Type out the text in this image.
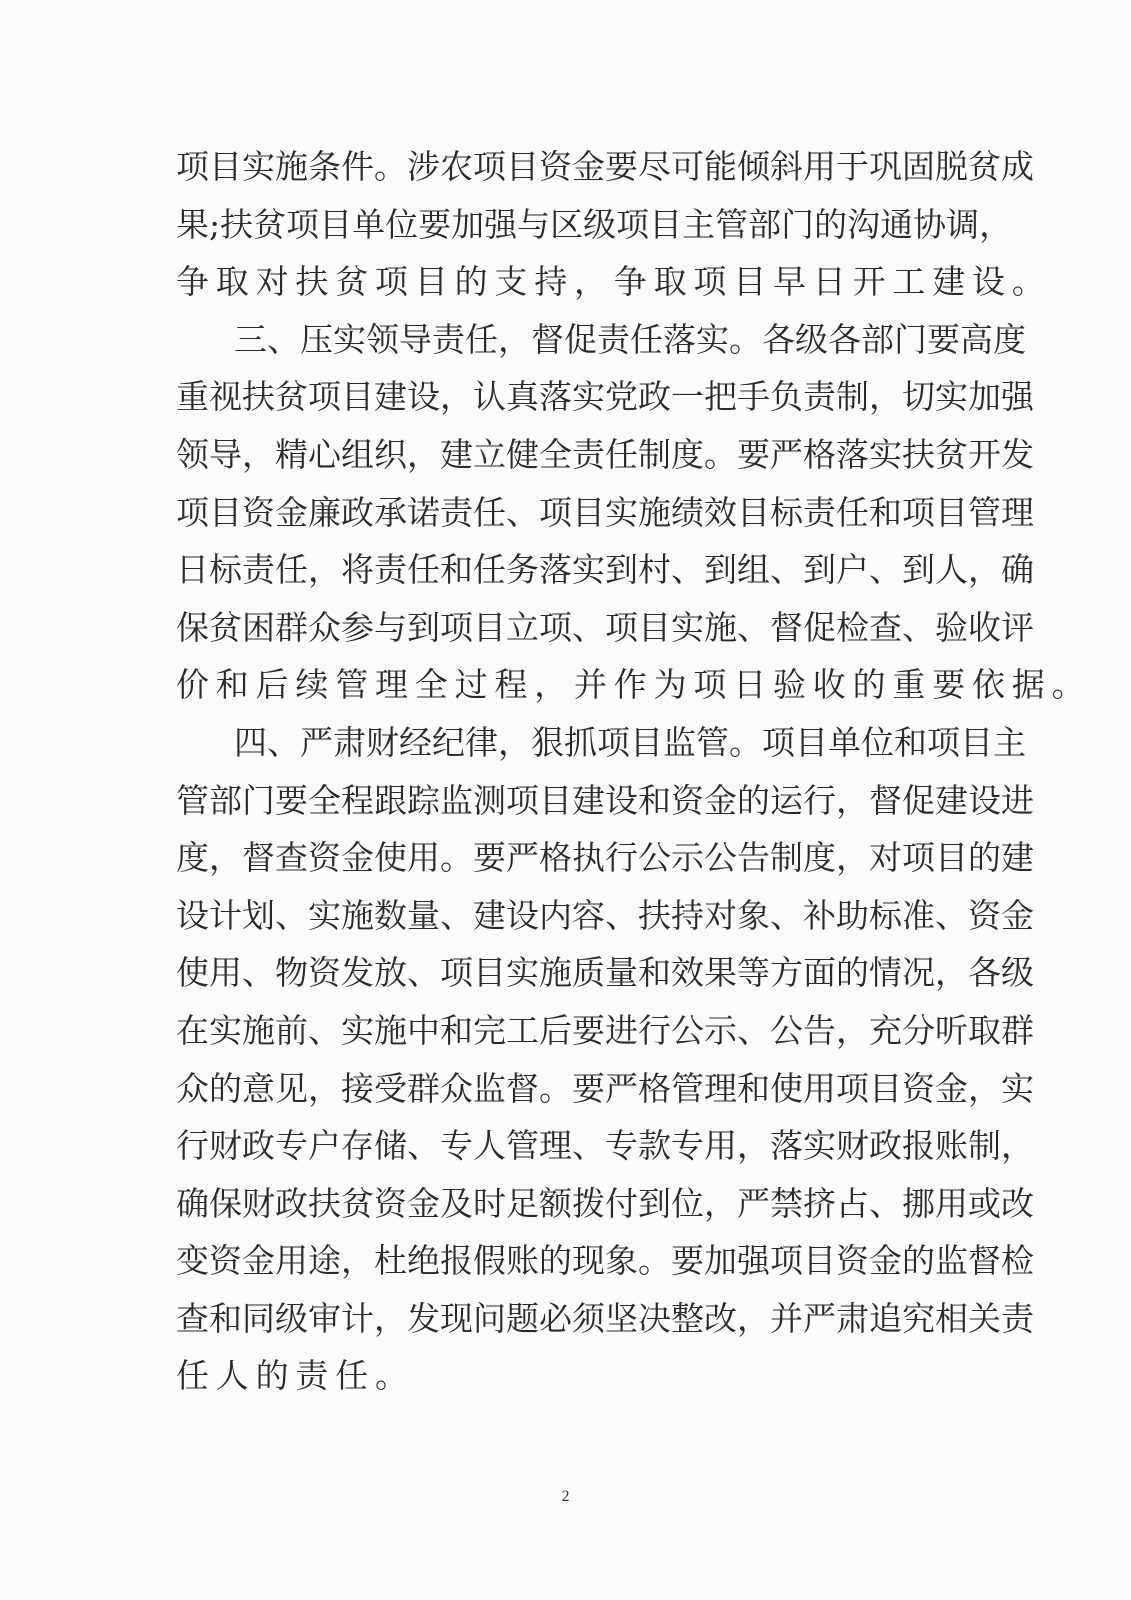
项目实施条件。涉农项目资金要尽可能倾斜用于巩固脱贫成
果;扶贫项目单位要加强与区级项目主管部门的沟通协调，
争取对扶贫项目的支持，争取项目早日开工建设。
三、压实领导责任，督促责任落实。各级各部门要高度
重视扶贫项目建设，认真落实党政一把手负责制，切实加强
领导，精心组织，建立健全责任制度。要严格落实扶贫开发
项目资金廉政承诺责任、项目实施绩效目标责任和项目管理
日标责任，将责任和任务落实到村、到组、到户、到人，确
保贫困群众参与到项目立项、项目实施、督促检查、验收评
价和后续管理全过程，并作为项日验收的重要依据。
四、严肃财经纪律，狠抓项目监管。项目单位和项目主
管部门要全程跟踪监测项目建设和资金的运行，督促建设进
度，督查资金使用。要严格执行公示公告制度，对项目的建
设计划、实施数量、建设内容、扶持对象、补助标准、资金
使用、物资发放、项目实施质量和效果等方面的情况，各级
在实施前、实施中和完工后要进行公示、公告，充分听取群
众的意见，接受群众监督。要严格管理和使用项目资金，实
行财政专户存储、专人管理、专款专用，落实财政报账制，
确保财政扶贫资金及时足额拨付到位，严禁挤占、挪用或改
变资金用途，杜绝报假账的现象。要加强项目资金的监督检
查和同级审计，发现问题必须坚决整改，并严肃追究相关责
任人的责任。
2
